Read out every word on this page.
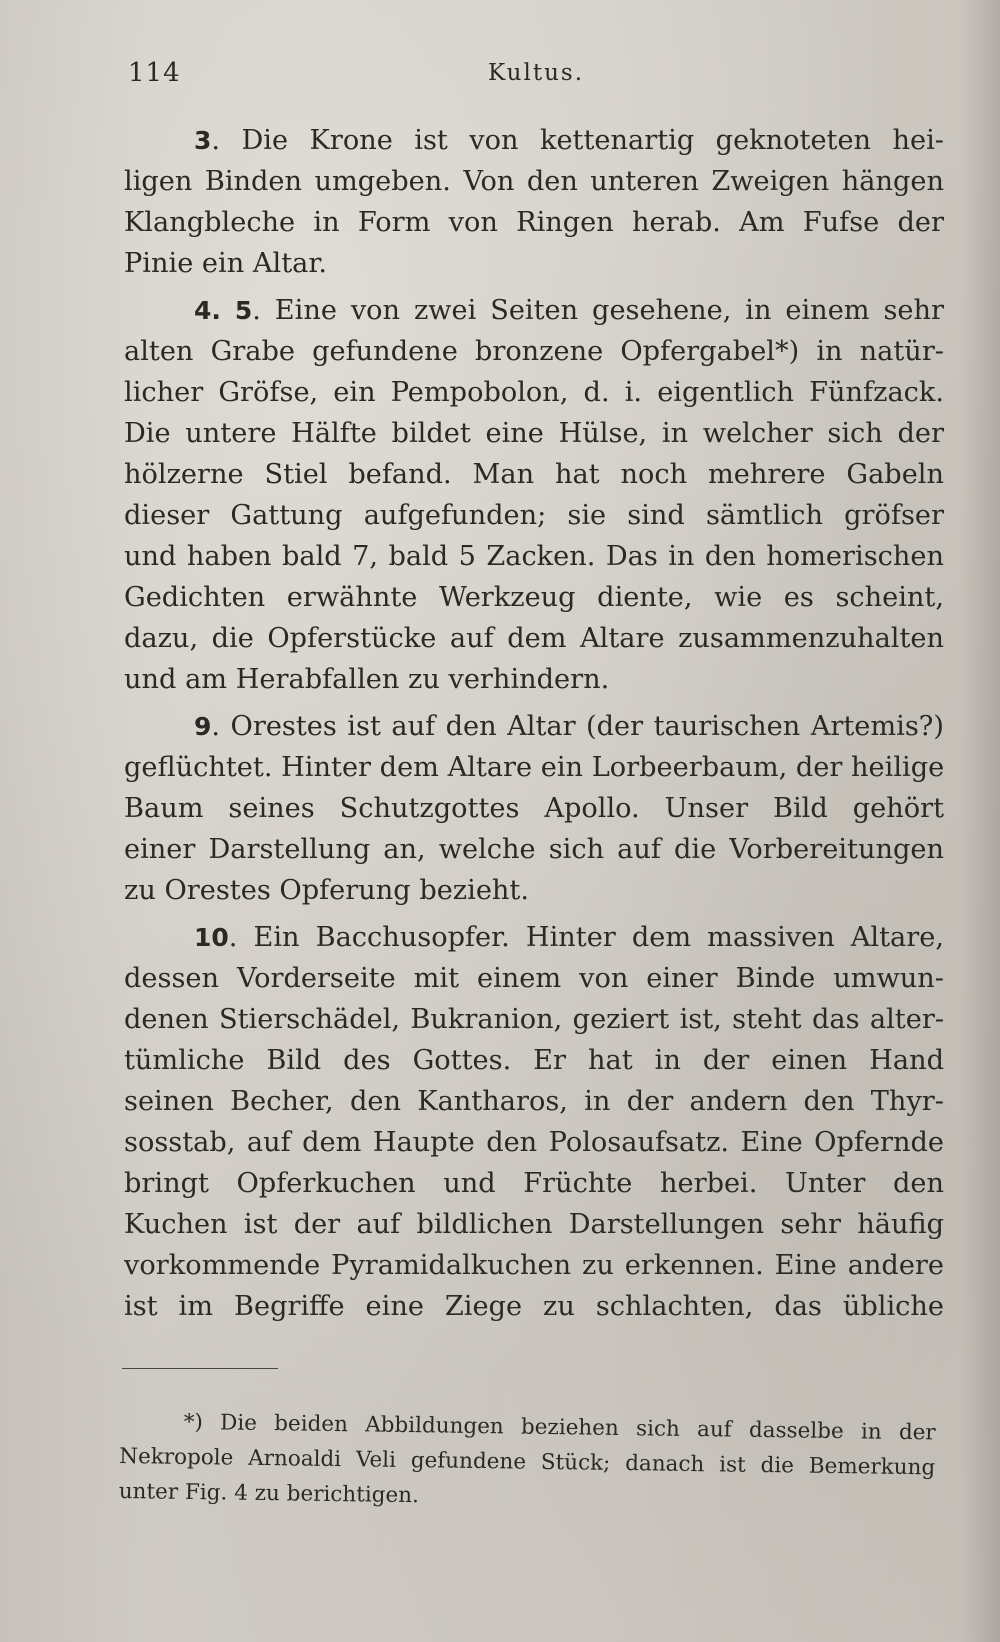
114	Kultus.
3. Die Krone ist von kettenartig geknoteten hei-
ligen Binden umgeben. Von den unteren Zweigen hängen
Klangbleche in Form von Ringen herab. Am Fufse der
Pinie ein Altar.
4. 5. Eine von zwei Seiten gesehene, in einem sehr
alten Grabe gefundene bronzene Opfergabel*) in natür-
licher Gröfse, ein Pempobolon, d. i. eigentlich Fünfzack.
Die untere Hälfte bildet eine Hülse, in welcher sich der
hölzerne Stiel befand. Man hat noch mehrere Gabeln
dieser Gattung aufgefunden; sie sind sämtlich gröfser
und haben bald 7, bald 5 Zacken. Das in den homerischen
Gedichten erwähnte Werkzeug diente, wie es scheint,
dazu, die Opferstücke auf dem Altare zusammenzuhalten
und am Herabfallen zu verhindern.
9. Orestes ist auf den Altar (der taurischen Artemis?)
geflüchtet. Hinter dem Altare ein Lorbeerbaum, der heilige
Baum seines Schutzgottes Apollo. Unser Bild gehört
einer Darstellung an, welche sich auf die Vorbereitungen
zu Orestes Opferung bezieht.
10. Ein Bacchusopfer. Hinter dem massiven Altare,
dessen Vorderseite mit einem von einer Binde umwun-
denen Stierschädel, Bukranion, geziert ist, steht das alter-
tümliche Bild des Gottes. Er hat in der einen Hand
seinen Becher, den Kantharos, in der andern den Thyr-
sosstab, auf dem Haupte den Polosaufsatz. Eine Opfernde
bringt Opferkuchen und Früchte herbei. Unter den
Kuchen ist der auf bildlichen Darstellungen sehr häufig
vorkommende Pyramidalkuchen zu erkennen. Eine andere
ist im Begriffe eine Ziege zu schlachten, das übliche
*) Die beiden Abbildungen beziehen sich auf dasselbe in der
Nekropole Arnoaldi Veli gefundene Stück; danach ist die Bemerkung
unter Fig. 4 zu berichtigen.
